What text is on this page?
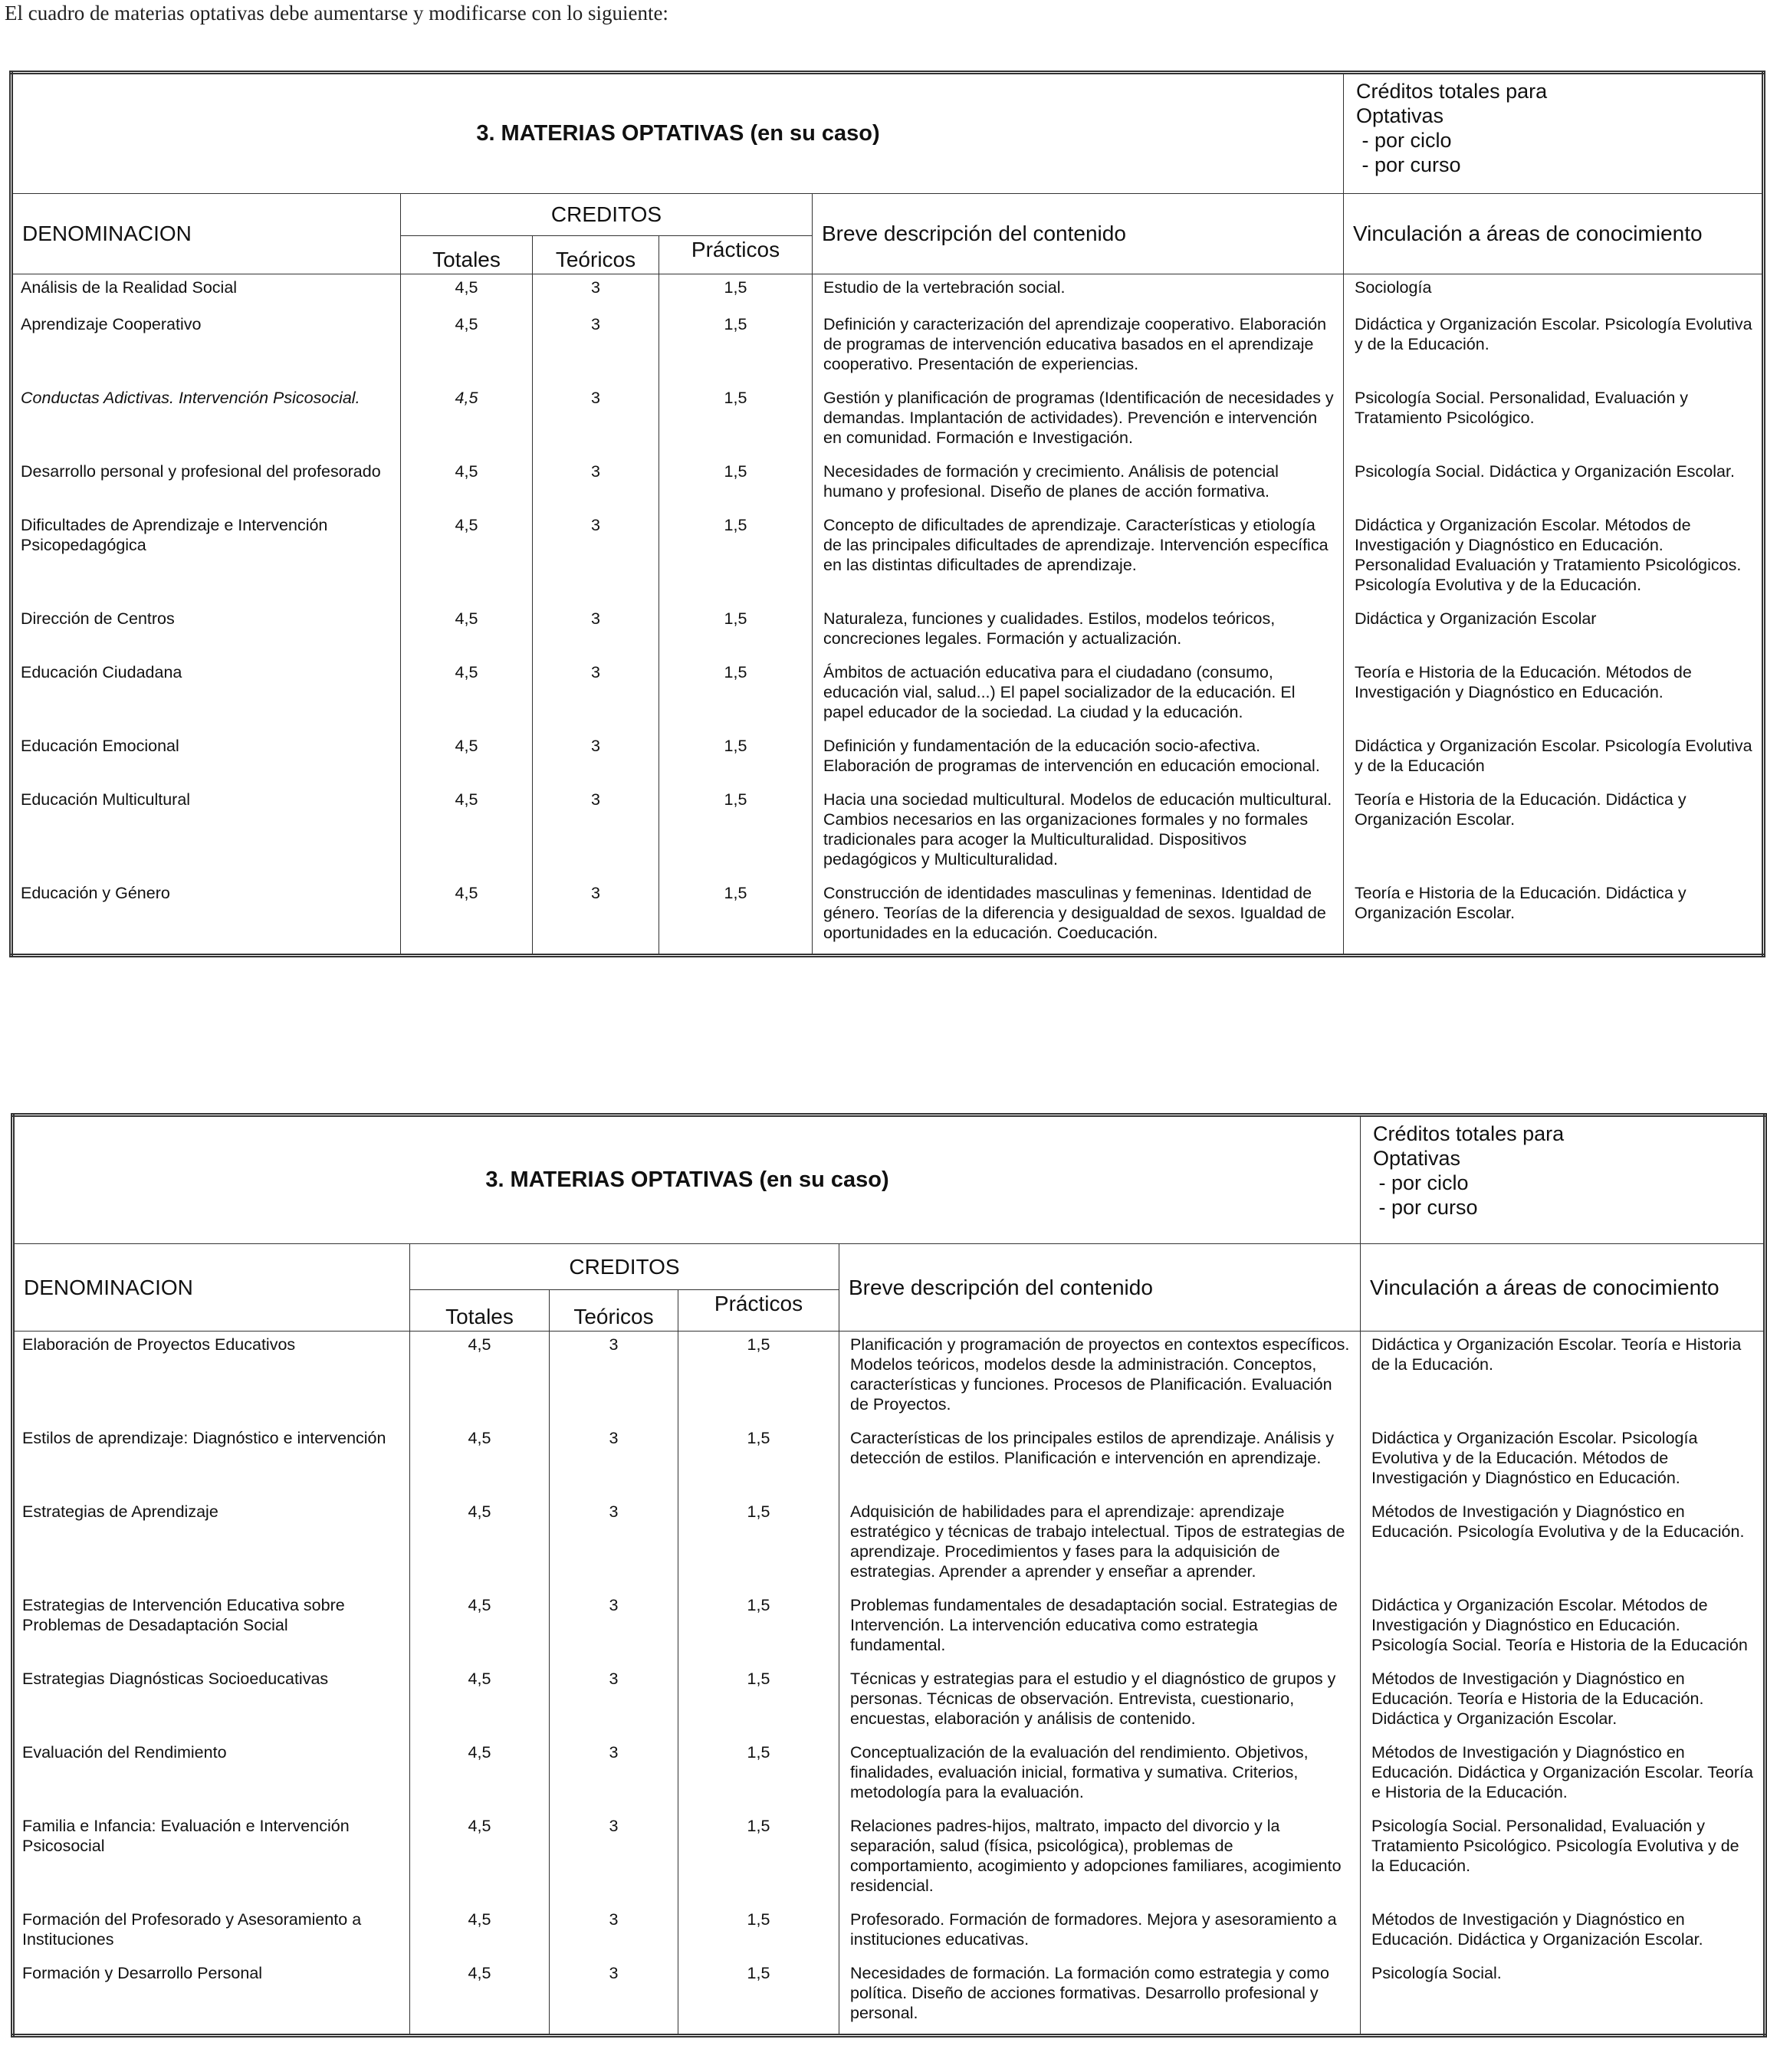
El cuadro de materias optativas debe aumentarse y modificarse con lo siguiente:
3. MATERIAS OPTATIVAS (en su caso)					Créditos totales para
Optativas
- por ciclo
- por curso

DENOMINACION	CREDITOS			Breve descripción del contenido	Vinculación a áreas de conocimiento
	Totales	Teóricos	Prácticos		
Análisis de la Realidad Social	4,5	3	1,5	Estudio de la vertebración social.	Sociología
Aprendizaje Cooperativo	4,5	3	1,5	Definición y caracterización del aprendizaje cooperativo. Elaboración de programas de intervención educativa basados en el aprendizaje cooperativo. Presentación de experiencias.	Didáctica y Organización Escolar. Psicología Evolutiva y de la Educación.
Conductas Adictivas. Intervención Psicosocial.	4,5	3	1,5	Gestión y planificación de programas (Identificación de necesidades y demandas. Implantación de actividades). Prevención e intervención en comunidad. Formación e Investigación.	Psicología Social. Personalidad, Evaluación y Tratamiento Psicológico.
Desarrollo personal y profesional del profesorado	4,5	3	1,5	Necesidades de formación y crecimiento. Análisis de potencial humano y profesional. Diseño de planes de acción formativa.	Psicología Social. Didáctica y Organización Escolar.
Dificultades de Aprendizaje e Intervención Psicopedagógica	4,5	3	1,5	Concepto de dificultades de aprendizaje. Características y etiología de las principales dificultades de aprendizaje. Intervención específica en las distintas dificultades de aprendizaje.	Didáctica y Organización Escolar. Métodos de Investigación y Diagnóstico en Educación. Personalidad Evaluación y Tratamiento Psicológicos. Psicología Evolutiva y de la Educación.
Dirección de Centros	4,5	3	1,5	Naturaleza, funciones y cualidades. Estilos, modelos teóricos, concreciones legales. Formación y actualización.	Didáctica y Organización Escolar
Educación Ciudadana	4,5	3	1,5	Ámbitos de actuación educativa para el ciudadano (consumo, educación vial, salud...) El papel socializador de la educación. El papel educador de la sociedad. La ciudad y la educación.	Teoría e Historia de la Educación. Métodos de Investigación y Diagnóstico en Educación.
Educación Emocional	4,5	3	1,5	Definición y fundamentación de la educación socio-afectiva. Elaboración de programas de intervención en educación emocional.	Didáctica y Organización Escolar. Psicología Evolutiva y de la Educación
Educación Multicultural	4,5	3	1,5	Hacia una sociedad multicultural. Modelos de educación multicultural. Cambios necesarios en las organizaciones formales y no formales tradicionales para acoger la Multiculturalidad. Dispositivos pedagógicos y Multiculturalidad.	Teoría e Historia de la Educación. Didáctica y Organización Escolar.
Educación y Género	4,5	3	1,5	Construcción de identidades masculinas y femeninas. Identidad de género. Teorías de la diferencia y desigualdad de sexos. Igualdad de oportunidades en la educación. Coeducación.	Teoría e Historia de la Educación. Didáctica y Organización Escolar.
3. MATERIAS OPTATIVAS (en su caso)					Créditos totales para
Optativas
- por ciclo
- por curso

DENOMINACION	CREDITOS			Breve descripción del contenido	Vinculación a áreas de conocimiento
	Totales	Teóricos	Prácticos		
Elaboración de Proyectos Educativos	4,5	3	1,5	Planificación y programación de proyectos en contextos específicos. Modelos teóricos, modelos desde la administración. Conceptos, características y funciones. Procesos de Planificación. Evaluación de Proyectos.	Didáctica y Organización Escolar. Teoría e Historia de la Educación.
Estilos de aprendizaje: Diagnóstico e intervención	4,5	3	1,5	Características de los principales estilos de aprendizaje. Análisis y detección de estilos. Planificación e intervención en aprendizaje.	Didáctica y Organización Escolar. Psicología Evolutiva y de la Educación. Métodos de Investigación y Diagnóstico en Educación.
Estrategias de Aprendizaje	4,5	3	1,5	Adquisición de habilidades para el aprendizaje: aprendizaje estratégico y técnicas de trabajo intelectual. Tipos de estrategias de aprendizaje. Procedimientos y fases para la adquisición de estrategias. Aprender a aprender y enseñar a aprender.	Métodos de Investigación y Diagnóstico en Educación. Psicología Evolutiva y de la Educación.
Estrategias de Intervención Educativa sobre Problemas de Desadaptación Social	4,5	3	1,5	Problemas fundamentales de desadaptación social. Estrategias de Intervención. La intervención educativa como estrategia fundamental.	Didáctica y Organización Escolar. Métodos de Investigación y Diagnóstico en Educación. Psicología Social. Teoría e Historia de la Educación
Estrategias Diagnósticas Socioeducativas	4,5	3	1,5	Técnicas y estrategias para el estudio y el diagnóstico de grupos y personas. Técnicas de observación. Entrevista, cuestionario, encuestas, elaboración y análisis de contenido.	Métodos de Investigación y Diagnóstico en Educación. Teoría e Historia de la Educación. Didáctica y Organización Escolar.
Evaluación del Rendimiento	4,5	3	1,5	Conceptualización de la evaluación del rendimiento. Objetivos, finalidades, evaluación inicial, formativa y sumativa. Criterios, metodología para la evaluación.	Métodos de Investigación y Diagnóstico en Educación. Didáctica y Organización Escolar. Teoría e Historia de la Educación.
Familia e Infancia: Evaluación e Intervención Psicosocial	4,5	3	1,5	Relaciones padres-hijos, maltrato, impacto del divorcio y la separación, salud (física, psicológica), problemas de comportamiento, acogimiento y adopciones familiares, acogimiento residencial.	Psicología Social. Personalidad, Evaluación y Tratamiento Psicológico. Psicología Evolutiva y de la Educación.
Formación del Profesorado y Asesoramiento a Instituciones	4,5	3	1,5	Profesorado. Formación de formadores. Mejora y asesoramiento a instituciones educativas.	Métodos de Investigación y Diagnóstico en Educación. Didáctica y Organización Escolar.
Formación y Desarrollo Personal	4,5	3	1,5	Necesidades de formación. La formación como estrategia y como política. Diseño de acciones formativas. Desarrollo profesional y personal.	Psicología Social.
